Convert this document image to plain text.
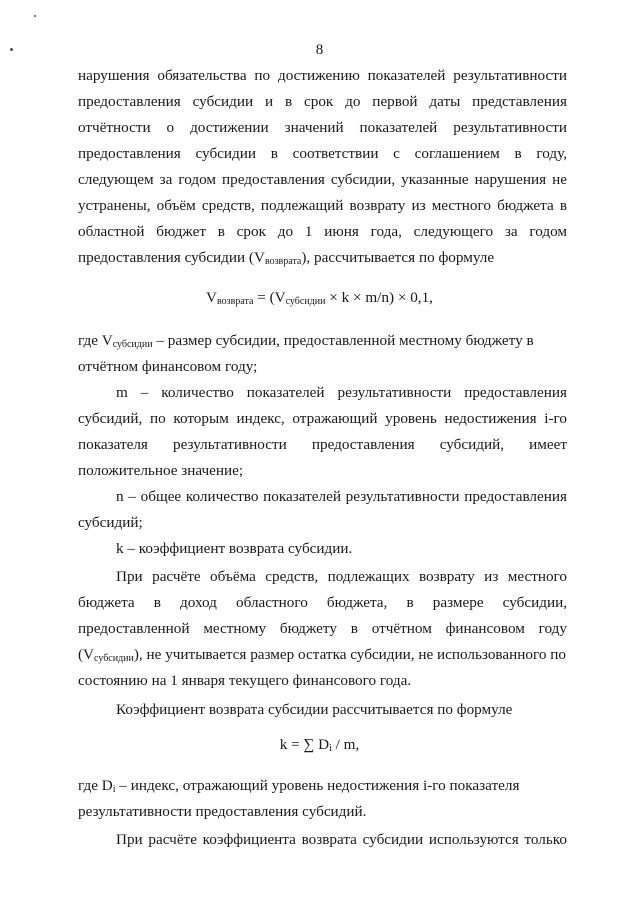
8
нарушения обязательства по достижению показателей результативности
предоставления субсидии и в срок до первой даты представления
отчётности о достижении значений показателей результативности
предоставления субсидии в соответствии с соглашением в году,
следующем за годом предоставления субсидии, указанные нарушения не
устранены, объём средств, подлежащий возврату из местного бюджета в
областной бюджет в срок до 1 июня года, следующего за годом
предоставления субсидии $(V_{возврата})$, рассчитывается по формуле
$V_{возврата} = (V_{субсидии} \times k \times m/n) \times 0,1$,
где $V_{субсидии}$ – размер субсидии, предоставленной местному бюджету в
отчётном финансовом году;
m – количество показателей результативности предоставления
субсидий, по которым индекс, отражающий уровень недостижения i-го
показателя результативности предоставления субсидий, имеет
положительное значение;
n – общее количество показателей результативности предоставления
субсидий;
k – коэффициент возврата субсидии.
При расчёте объёма средств, подлежащих возврату из местного
бюджета в доход областного бюджета, в размере субсидии,
предоставленной местному бюджету в отчётном финансовом году
$(V_{субсидии})$, не учитывается размер остатка субсидии, не использованного по
состоянию на 1 января текущего финансового года.
Коэффициент возврата субсидии рассчитывается по формуле
k = ∑ $D_i$ / m,
где $D_i$ – индекс, отражающий уровень недостижения i-го показателя
результативности предоставления субсидий.
При расчёте коэффициента возврата субсидии используются только
